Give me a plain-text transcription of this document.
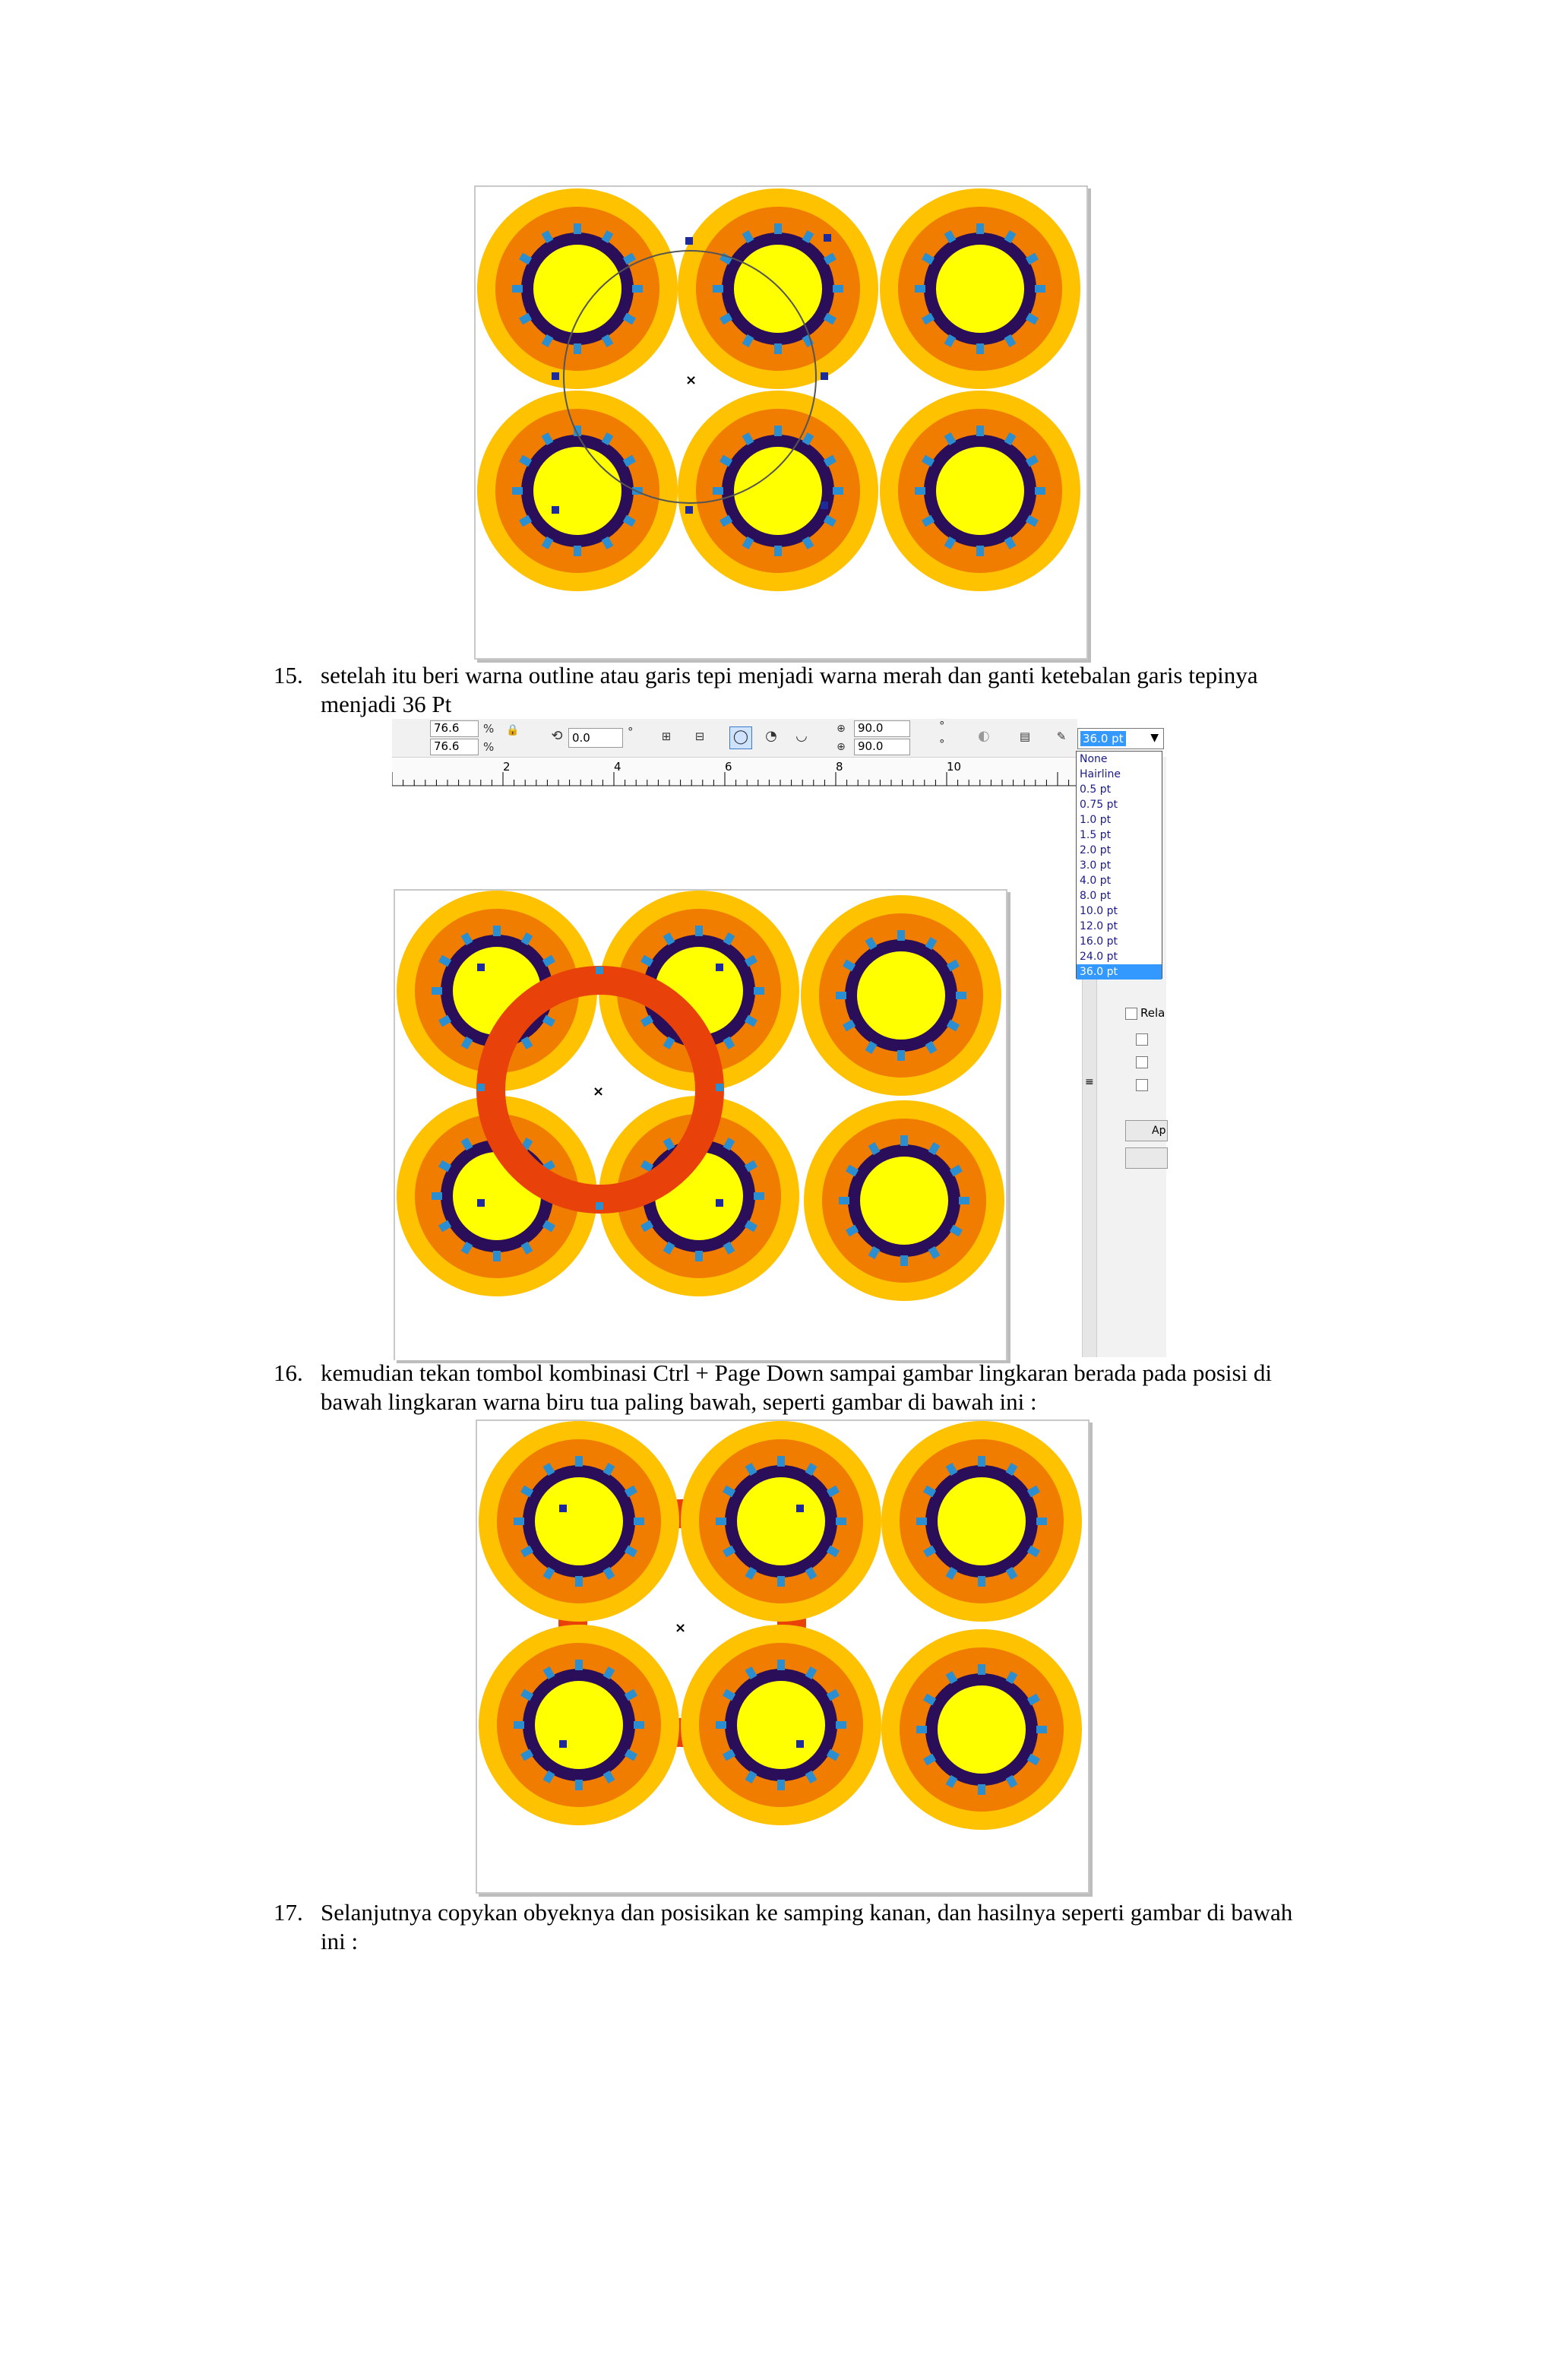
×
15. setelah itu beri warna outline atau garis tepi menjadi warna merah dan ganti ketebalan garis tepinya
menjadi 36 Pt
76.6
76.6
%
%
🔒 ⟲ 0.0	°	⊞	⊟ ◯ ◔ ◡	⊕
⊕
90.0
90.0
°
° ◐	▤	✎
2	4	6	8	10
≡
Rela
Ap
36.0 pt	▼
None
Hairline
0.5 pt
0.75 pt
1.0 pt
1.5 pt
2.0 pt
3.0 pt
4.0 pt
8.0 pt
10.0 pt
12.0 pt
16.0 pt
24.0 pt
36.0 pt
×
16. kemudian tekan tombol kombinasi Ctrl + Page Down sampai gambar lingkaran berada pada posisi di
bawah lingkaran warna biru tua paling bawah, seperti gambar di bawah ini :
×
17. Selanjutnya copykan obyeknya dan posisikan ke samping kanan, dan hasilnya seperti gambar di bawah
ini :
